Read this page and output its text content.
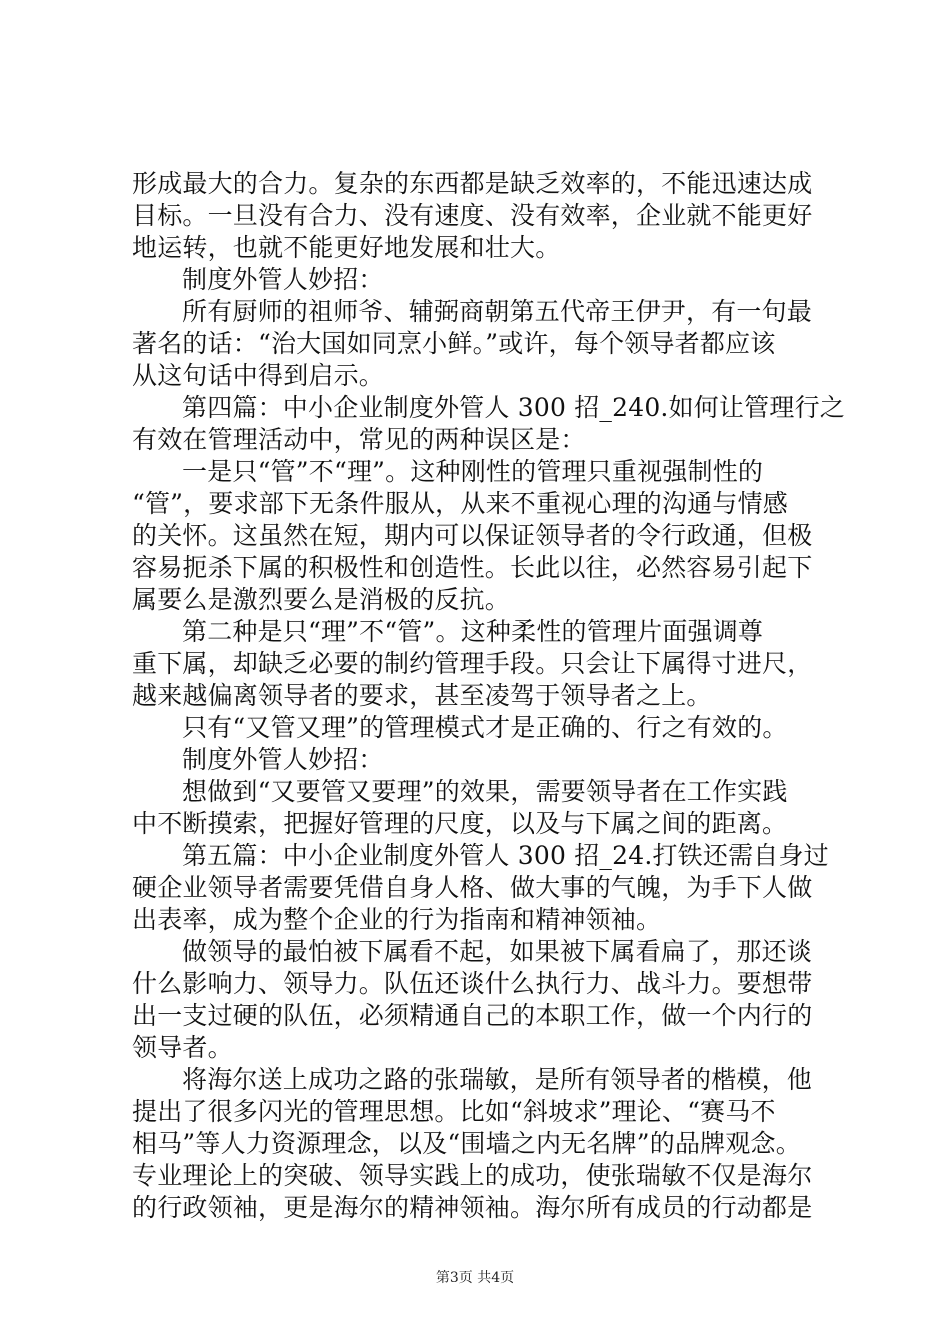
形成最大的合力。复杂的东西都是缺乏效率的，不能迅速达成
目标。一旦没有合力、没有速度、没有效率，企业就不能更好
地运转，也就不能更好地发展和壮大。
制度外管人妙招：
所有厨师的祖师爷、辅弼商朝第五代帝王伊尹，有一句最
著名的话：“治大国如同烹小鲜。”或许，每个领导者都应该
从这句话中得到启示。
第四篇：中小企业制度外管人 300 招_240.如何让管理行之
有效在管理活动中，常见的两种误区是：
一是只“管”不“理”。这种刚性的管理只重视强制性的
“管”，要求部下无条件服从，从来不重视心理的沟通与情感
的关怀。这虽然在短，期内可以保证领导者的令行政通，但极
容易扼杀下属的积极性和创造性。长此以往，必然容易引起下
属要么是激烈要么是消极的反抗。
第二种是只“理”不“管”。这种柔性的管理片面强调尊
重下属，却缺乏必要的制约管理手段。只会让下属得寸进尺，
越来越偏离领导者的要求，甚至凌驾于领导者之上。
只有“又管又理”的管理模式才是正确的、行之有效的。
制度外管人妙招：
想做到“又要管又要理”的效果，需要领导者在工作实践
中不断摸索，把握好管理的尺度，以及与下属之间的距离。
第五篇：中小企业制度外管人 300 招_24.打铁还需自身过
硬企业领导者需要凭借自身人格、做大事的气魄，为手下人做
出表率，成为整个企业的行为指南和精神领袖。
做领导的最怕被下属看不起，如果被下属看扁了，那还谈
什么影响力、领导力。队伍还谈什么执行力、战斗力。要想带
出一支过硬的队伍，必须精通自己的本职工作，做一个内行的
领导者。
将海尔送上成功之路的张瑞敏，是所有领导者的楷模，他
提出了很多闪光的管理思想。比如“斜坡求”理论、“赛马不
相马”等人力资源理念，以及“围墙之内无名牌”的品牌观念。
专业理论上的突破、领导实践上的成功，使张瑞敏不仅是海尔
的行政领袖，更是海尔的精神领袖。海尔所有成员的行动都是
第3页 共4页
